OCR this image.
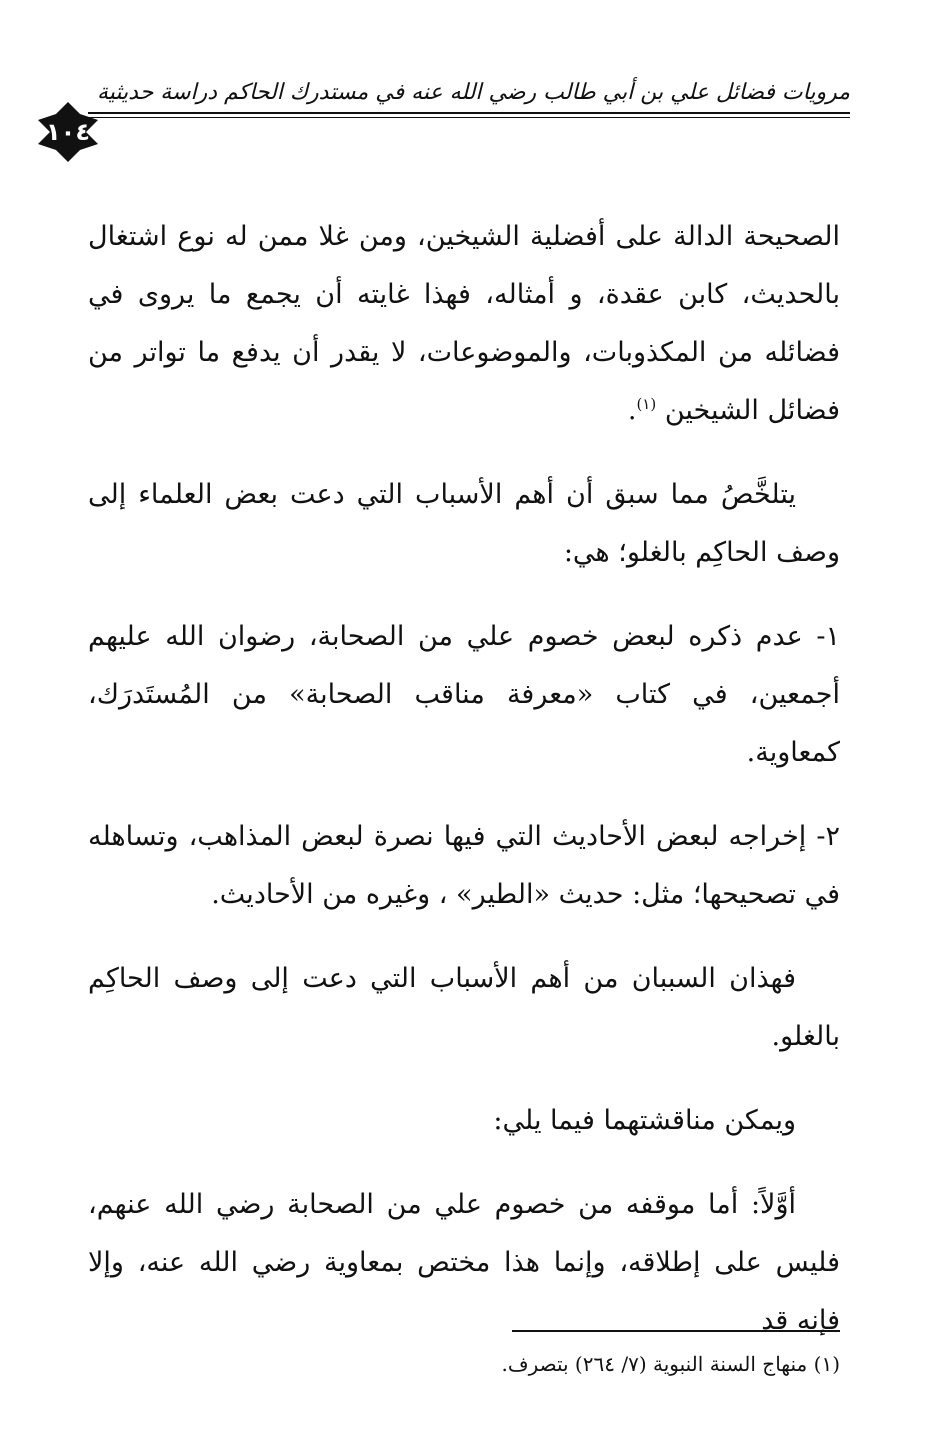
مرويات فضائل علي بن أبي طالب رضي الله عنه في مستدرك الحاكم دراسة حديثية
١٠٤

الصحيحة الدالة على أفضلية الشيخين، ومن غلا ممن له نوع اشتغال بالحديث، كابن عقدة، و أمثاله، فهذا غايته أن يجمع ما يروى في فضائله من المكذوبات، والموضوعات، لا يقدر أن يدفع ما تواتر من فضائل الشيخين $^{(١)}$.

يتلخَّصُ مما سبق أن أهم الأسباب التي دعت بعض العلماء إلى وصف الحاكِم بالغلو؛ هي:

١- عدم ذكره لبعض خصوم علي من الصحابة، رضوان الله عليهم أجمعين، في كتاب «معرفة مناقب الصحابة» من المُستَدرَك، كمعاوية.

٢- إخراجه لبعض الأحاديث التي فيها نصرة لبعض المذاهب، وتساهله في تصحيحها؛ مثل: حديث «الطير» ، وغيره من الأحاديث.

فهذان السببان من أهم الأسباب التي دعت إلى وصف الحاكِم بالغلو.

ويمكن مناقشتهما فيما يلي:

أوَّلاً: أما موقفه من خصوم علي من الصحابة رضي الله عنهم، فليس على إطلاقه، وإنما هذا مختص بمعاوية رضي الله عنه، وإلا فإنه قد

(١) منهاج السنة النبوية (٧/ ٢٦٤) بتصرف.
